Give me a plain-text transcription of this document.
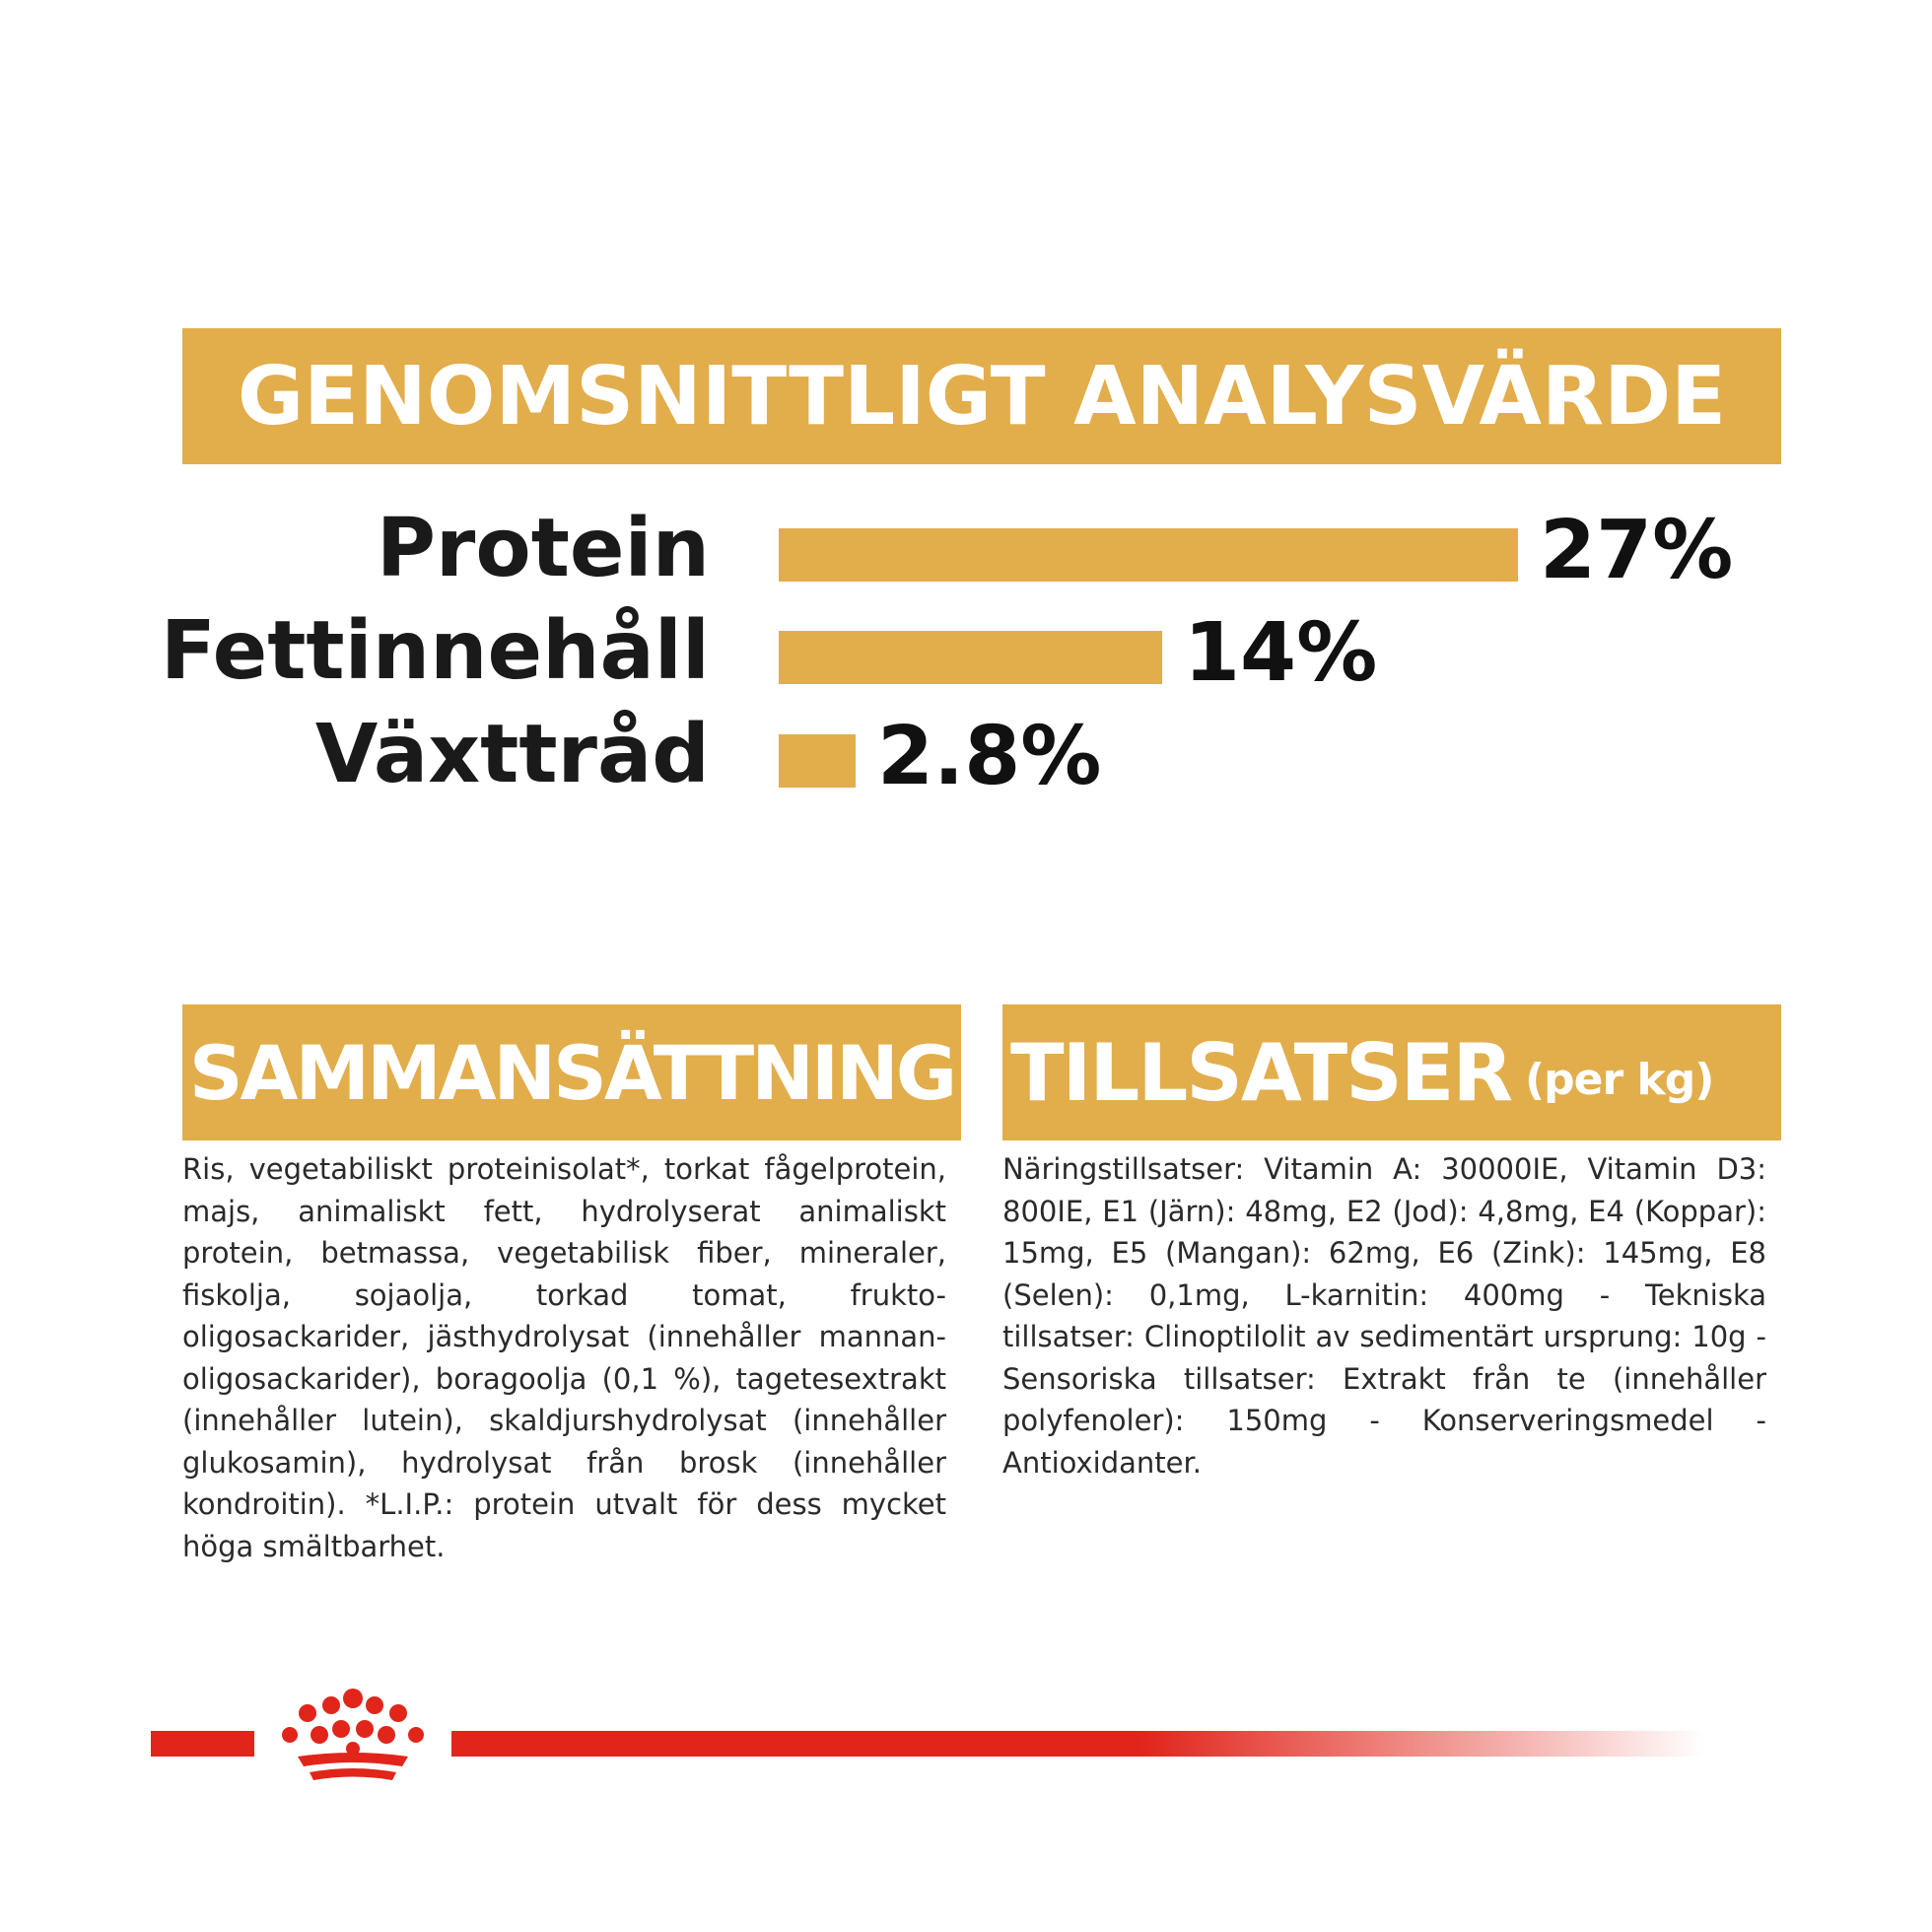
GENOMSNITTLIGT ANALYSVÄRDE
Protein	27%
Fettinnehåll	14%
Växttråd 2.8%
SAMMANSÄTTNING
Ris, vegetabiliskt proteinisolat*, torkat fågelprotein, majs, animaliskt fett, hydrolyserat animaliskt protein, betmassa, vegetabilisk fiber, mineraler, fiskolja, sojaolja, torkad tomat, frukto-oligosackarider, jästhydrolysat (innehåller mannan-oligosackarider), boragoolja (0,1 %), tagetesextrakt (innehåller lutein), skaldjurshydrolysat (innehåller glukosamin), hydrolysat från brosk (innehåller kondroitin). *L.I.P.: protein utvalt för dess mycket höga smältbarhet.
TILLSATSER (per kg)
Näringstillsatser: Vitamin A: 30000IE, Vitamin D3: 800IE, E1 (Järn): 48mg, E2 (Jod): 4,8mg, E4 (Koppar): 15mg, E5 (Mangan): 62mg, E6 (Zink): 145mg, E8 (Selen): 0,1mg, L-karnitin: 400mg - Tekniska tillsatser: Clinoptilolit av sedimentärt ursprung: 10g - Sensoriska tillsatser: Extrakt från te (innehåller polyfenoler): 150mg - Konserveringsmedel - Antioxidanter.
